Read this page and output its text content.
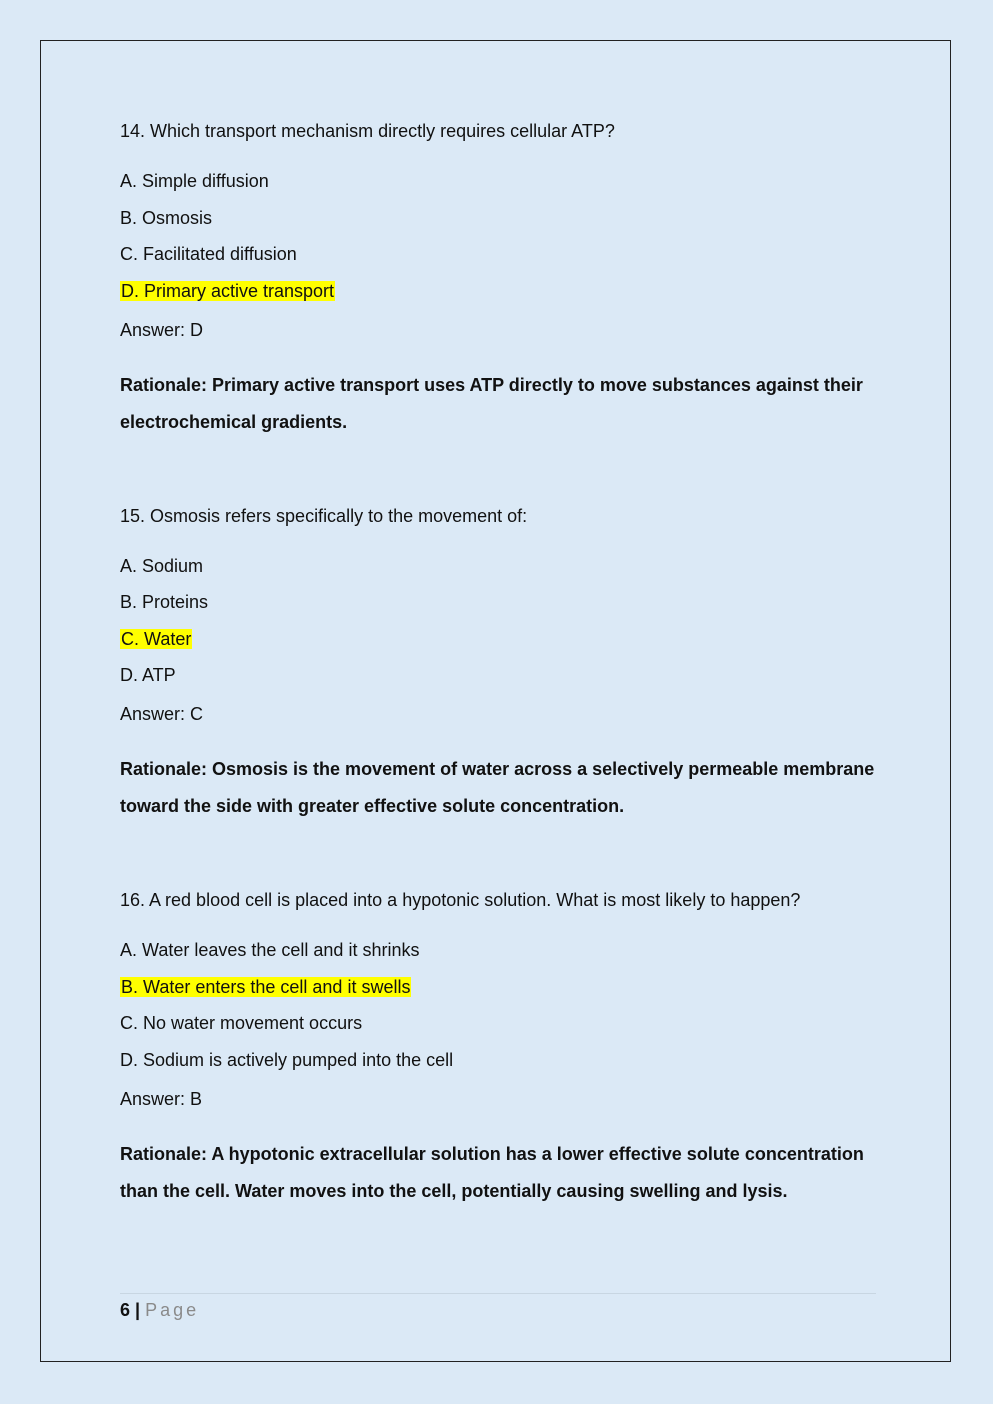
14. Which transport mechanism directly requires cellular ATP?

A. Simple diffusion

B. Osmosis

C. Facilitated diffusion

D. Primary active transport

Answer: D

Rationale: Primary active transport uses ATP directly to move substances against their electrochemical gradients.

15. Osmosis refers specifically to the movement of:

A. Sodium

B. Proteins

C. Water

D. ATP

Answer: C

Rationale: Osmosis is the movement of water across a selectively permeable membrane toward the side with greater effective solute concentration.

16. A red blood cell is placed into a hypotonic solution. What is most likely to happen?

A. Water leaves the cell and it shrinks

B. Water enters the cell and it swells

C. No water movement occurs

D. Sodium is actively pumped into the cell

Answer: B

Rationale: A hypotonic extracellular solution has a lower effective solute concentration than the cell. Water moves into the cell, potentially causing swelling and lysis.

6 | Page
